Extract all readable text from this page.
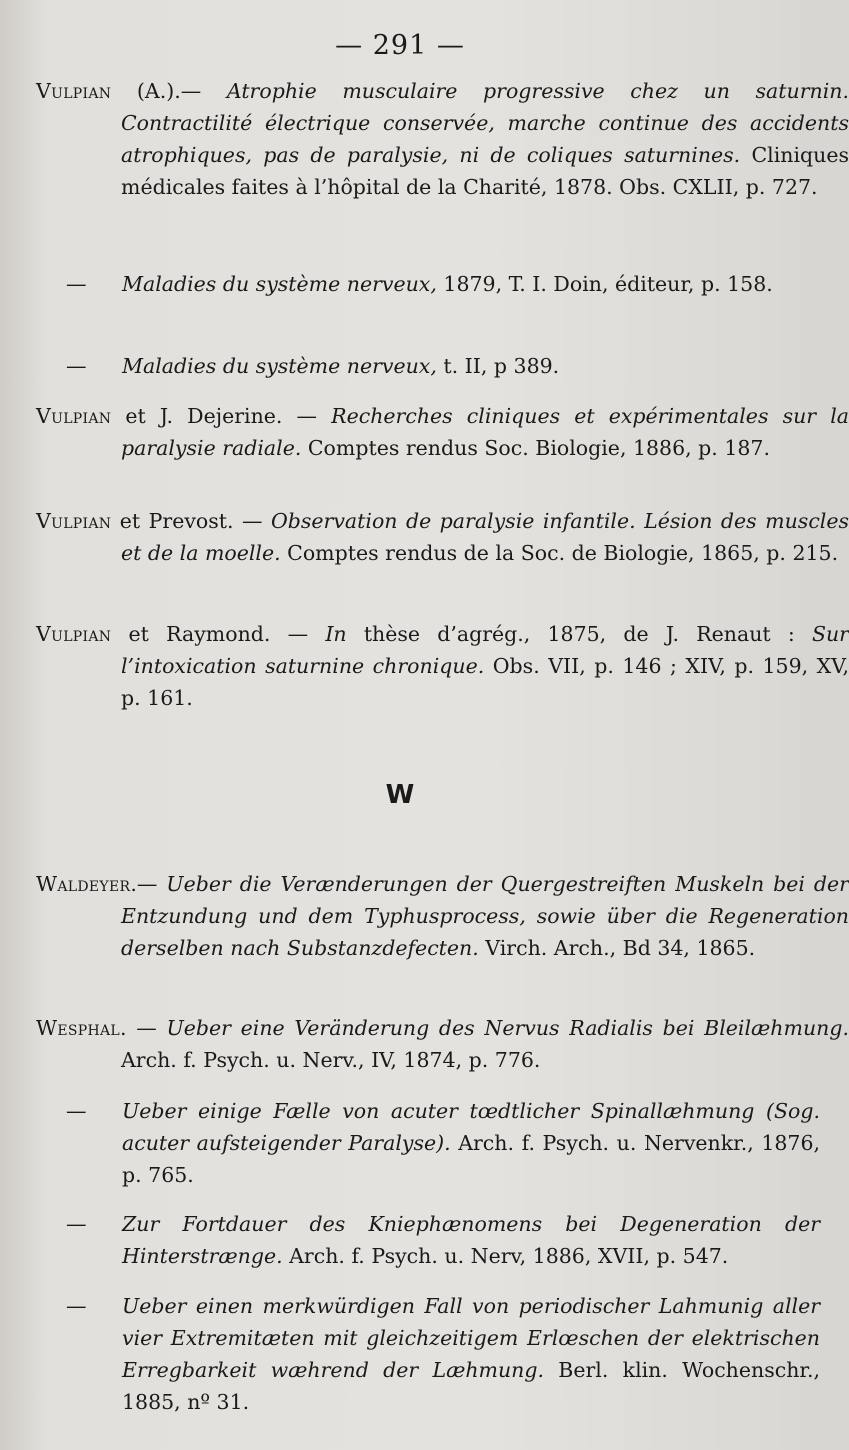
— 291 —

Vulpian (A.).— Atrophie musculaire progressive chez un saturnin. Contractilité électrique conservée, marche continue des accidents atrophiques, pas de paralysie, ni de coliques saturnines. Cliniques médicales faites à l’hôpital de la Charité, 1878. Obs. CXLII, p. 727.

— Maladies du système nerveux, 1879, T. I. Doin, éditeur, p. 158.

— Maladies du système nerveux, t. II, p 389.

Vulpian et J. Dejerine. — Recherches cliniques et expérimentales sur la paralysie radiale. Comptes rendus Soc. Biologie, 1886, p. 187.

Vulpian et Prevost. — Observation de paralysie infantile. Lésion des muscles et de la moelle. Comptes rendus de la Soc. de Biologie, 1865, p. 215.

Vulpian et Raymond. — In thèse d’agrég., 1875, de J. Renaut : Sur l’intoxication saturnine chronique. Obs. VII, p. 146 ; XIV, p. 159, XV, p. 161.

W

Waldeyer.— Ueber die Verænderungen der Quergestreiften Muskeln bei der Entzundung und dem Typhusprocess, sowie über die Regeneration derselben nach Substanzdefecten. Virch. Arch., Bd 34, 1865.

Wesphal. — Ueber eine Veränderung des Nervus Radialis bei Bleilæhmung. Arch. f. Psych. u. Nerv., IV, 1874, p. 776.

— Ueber einige Fælle von acuter tœdtlicher Spinallæhmung (Sog. acuter aufsteigender Paralyse). Arch. f. Psych. u. Nervenkr., 1876, p. 765.

— Zur Fortdauer des Kniephænomens bei Degeneration der Hinterstrænge. Arch. f. Psych. u. Nerv, 1886, XVII, p. 547.

— Ueber einen merkwürdigen Fall von periodischer Lahmunig aller vier Extremitæten mit gleichzeitigem Erlœschen der elektrischen Erregbarkeit wæhrend der Læhmung. Berl. klin. Wochenschr., 1885, nº 31.
